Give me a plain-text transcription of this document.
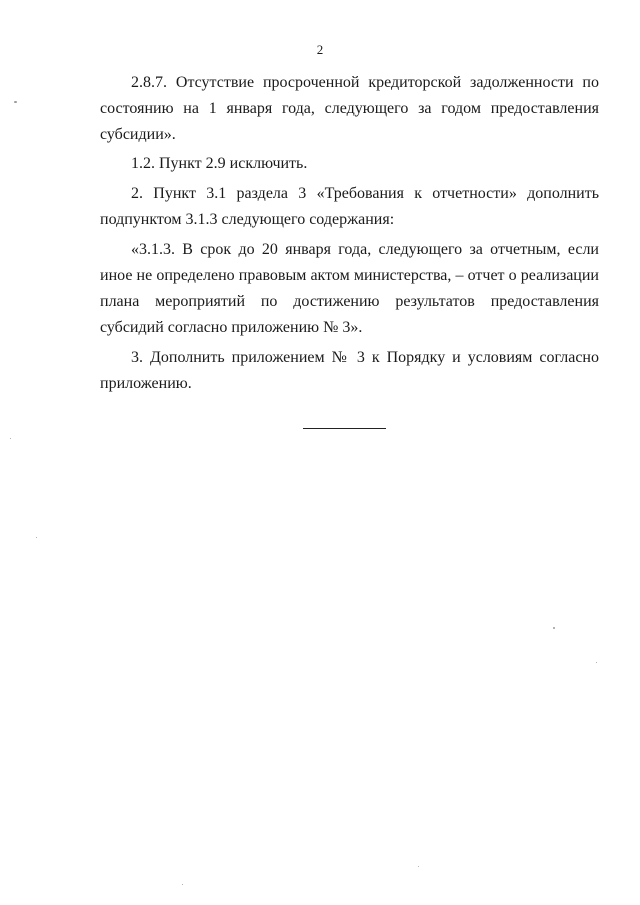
2

2.8.7. Отсутствие просроченной кредиторской задолженности по состоянию на 1 января года, следующего за годом предоставления субсидии».

1.2. Пункт 2.9 исключить.

2. Пункт 3.1 раздела 3 «Требования к отчетности» дополнить подпунктом 3.1.3 следующего содержания:

«3.1.3. В срок до 20 января года, следующего за отчетным, если иное не определено правовым актом министерства, – отчет о реализации плана мероприятий по достижению результатов предоставления субсидий согласно приложению № 3».

3. Дополнить приложением № 3 к Порядку и условиям согласно приложению.
